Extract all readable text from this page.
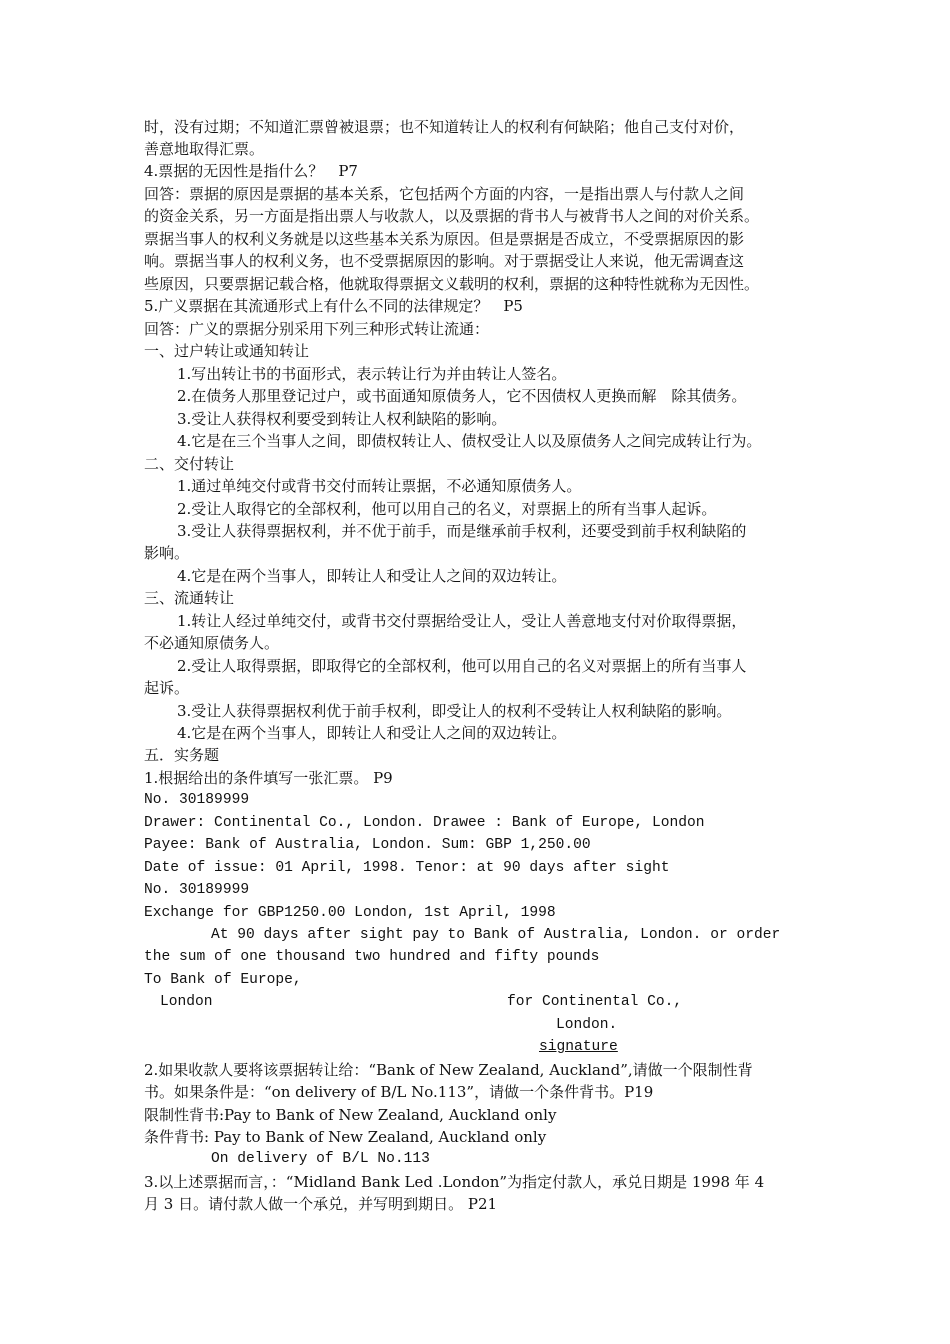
时，没有过期；不知道汇票曾被退票；也不知道转让人的权利有何缺陷；他自己支付对价，
善意地取得汇票。
4.票据的无因性是指什么？　P7
回答：票据的原因是票据的基本关系，它包括两个方面的内容，一是指出票人与付款人之间
的资金关系，另一方面是指出票人与收款人，以及票据的背书人与被背书人之间的对价关系。
票据当事人的权利义务就是以这些基本关系为原因。但是票据是否成立，不受票据原因的影
响。票据当事人的权利义务，也不受票据原因的影响。对于票据受让人来说，他无需调查这
些原因，只要票据记载合格，他就取得票据文义载明的权利，票据的这种特性就称为无因性。
5.广义票据在其流通形式上有什么不同的法律规定？　P5
回答：广义的票据分别采用下列三种形式转让流通：
一、过户转让或通知转让
1.写出转让书的书面形式，表示转让行为并由转让人签名。
2.在债务人那里登记过户，或书面通知原债务人，它不因债权人更换而解　除其债务。
3.受让人获得权利要受到转让人权利缺陷的影响。
4.它是在三个当事人之间，即债权转让人、债权受让人以及原债务人之间完成转让行为。
二、交付转让
1.通过单纯交付或背书交付而转让票据，不必通知原债务人。
2.受让人取得它的全部权利，他可以用自己的名义，对票据上的所有当事人起诉。
3.受让人获得票据权利，并不优于前手，而是继承前手权利，还要受到前手权利缺陷的
影响。
4.它是在两个当事人，即转让人和受让人之间的双边转让。
三、流通转让
1.转让人经过单纯交付，或背书交付票据给受让人，受让人善意地支付对价取得票据，
不必通知原债务人。
2.受让人取得票据，即取得它的全部权利，他可以用自己的名义对票据上的所有当事人
起诉。
3.受让人获得票据权利优于前手权利，即受让人的权利不受转让人权利缺陷的影响。
4.它是在两个当事人，即转让人和受让人之间的双边转让。
五．实务题
1.根据给出的条件填写一张汇票。 P9
No. 30189999
Drawer: Continental Co., London. Drawee : Bank of Europe, London
Payee: Bank of Australia, London. Sum: GBP 1,250.00
Date of issue: 01 April, 1998. Tenor: at 90 days after sight
No. 30189999
Exchange for GBP1250.00 London, 1st April, 1998
At 90 days after sight pay to Bank of Australia, London. or order
the sum of one thousand two hundred and fifty pounds
To Bank of Europe,
London	for Continental Co.,
London.
signature
2.如果收款人要将该票据转让给：“Bank of New Zealand, Auckland”,请做一个限制性背
书。如果条件是：“on delivery of B/L No.113”，请做一个条件背书。P19
限制性背书:Pay to Bank of New Zealand, Auckland only
条件背书: Pay to Bank of New Zealand, Auckland only
On delivery of B/L No.113
3.以上述票据而言，：“Midland Bank Led .London”为指定付款人，承兑日期是 1998 年 4
月 3 日。请付款人做一个承兑，并写明到期日。 P21
